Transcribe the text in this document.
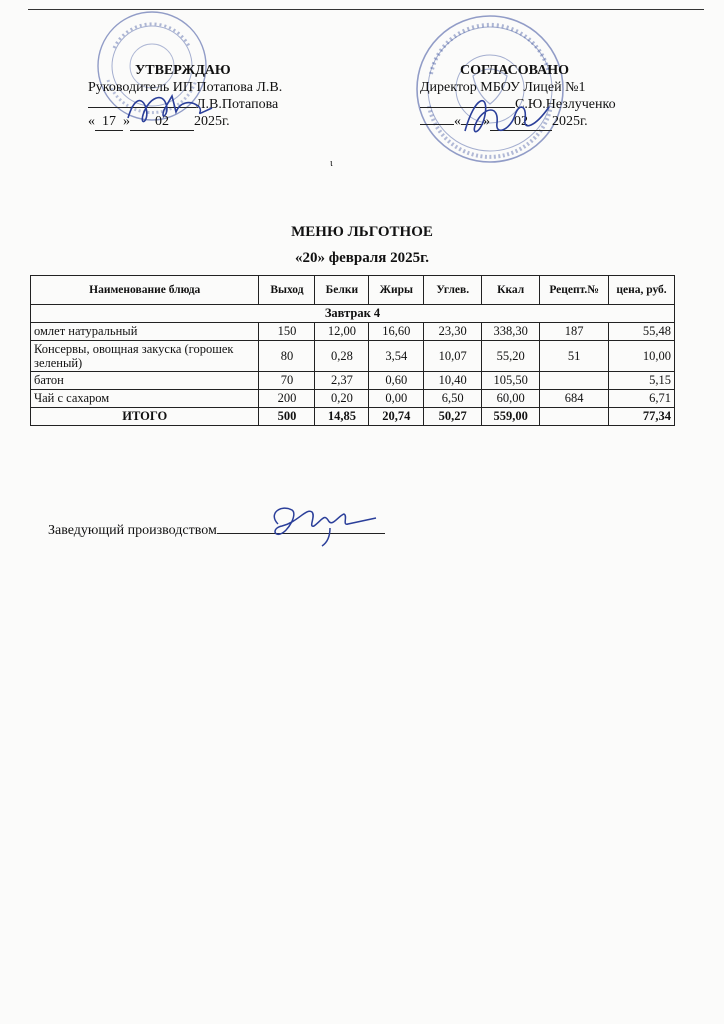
УТВЕРЖДАЮ
Руководитель ИП Потапова Л.В.
Л.В.Потапова
« 17 » 02 2025г.
СОГЛАСОВАНО
Директор МБОУ Лицей №1
С.Ю.Незлученко
« » 02 2025г.
ι
МЕНЮ ЛЬГОТНОЕ
«20» февраля 2025г.
Наименование блюда	Выход	Белки	Жиры	Углев.	Ккал	Рецепт.№	цена, руб.
Завтрак 4							
омлет натуральный	150	12,00	16,60	23,30	338,30	187	55,48
Консервы, овощная закуска (горошек зеленый)	80	0,28	3,54	10,07	55,20	51	10,00
батон	70	2,37	0,60	10,40	105,50		5,15
Чай с сахаром	200	0,20	0,00	6,50	60,00	684	6,71
ИТОГО	500	14,85	20,74	50,27	559,00		77,34
Заведующий производством
